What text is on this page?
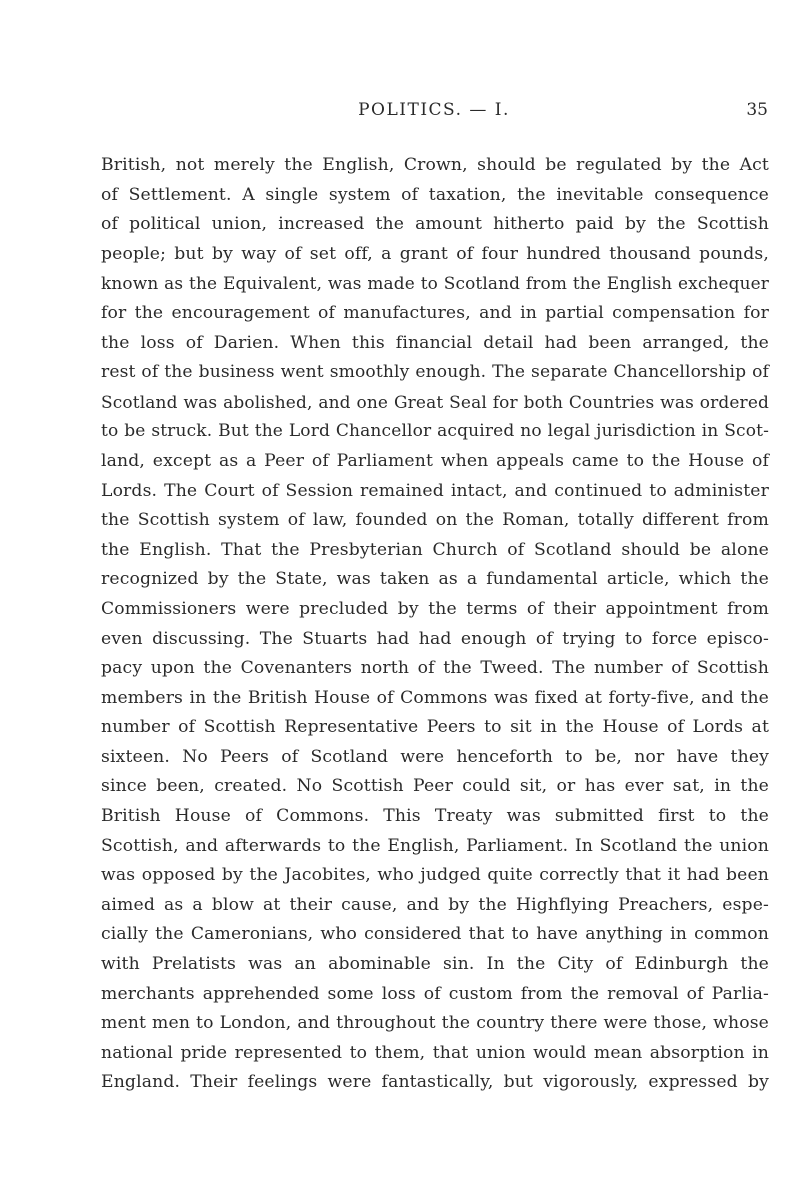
POLITICS. — I.	35
British, not merely the English, Crown, should be regulated by the Act
of Settlement. A single system of taxation, the inevitable consequence
of political union, increased the amount hitherto paid by the Scottish
people; but by way of set off, a grant of four hundred thousand pounds,
known as the Equivalent, was made to Scotland from the English exchequer
for the encouragement of manufactures, and in partial compensation for
the loss of Darien. When this financial detail had been arranged, the
rest of the business went smoothly enough. The separate Chancellorship of
Scotland was abolished, and one Great Seal for both Countries was ordered
to be struck. But the Lord Chancellor acquired no legal jurisdiction in Scot-
land, except as a Peer of Parliament when appeals came to the House of
Lords. The Court of Session remained intact, and continued to administer
the Scottish system of law, founded on the Roman, totally different from
the English. That the Presbyterian Church of Scotland should be alone
recognized by the State, was taken as a fundamental article, which the
Commissioners were precluded by the terms of their appointment from
even discussing. The Stuarts had had enough of trying to force episco-
pacy upon the Covenanters north of the Tweed. The number of Scottish
members in the British House of Commons was fixed at forty-five, and the
number of Scottish Representative Peers to sit in the House of Lords at
sixteen. No Peers of Scotland were henceforth to be, nor have they
since been, created. No Scottish Peer could sit, or has ever sat, in the
British House of Commons. This Treaty was submitted first to the
Scottish, and afterwards to the English, Parliament. In Scotland the union
was opposed by the Jacobites, who judged quite correctly that it had been
aimed as a blow at their cause, and by the Highflying Preachers, espe-
cially the Cameronians, who considered that to have anything in common
with Prelatists was an abominable sin. In the City of Edinburgh the
merchants apprehended some loss of custom from the removal of Parlia-
ment men to London, and throughout the country there were those, whose
national pride represented to them, that union would mean absorption in
England. Their feelings were fantastically, but vigorously, expressed by
